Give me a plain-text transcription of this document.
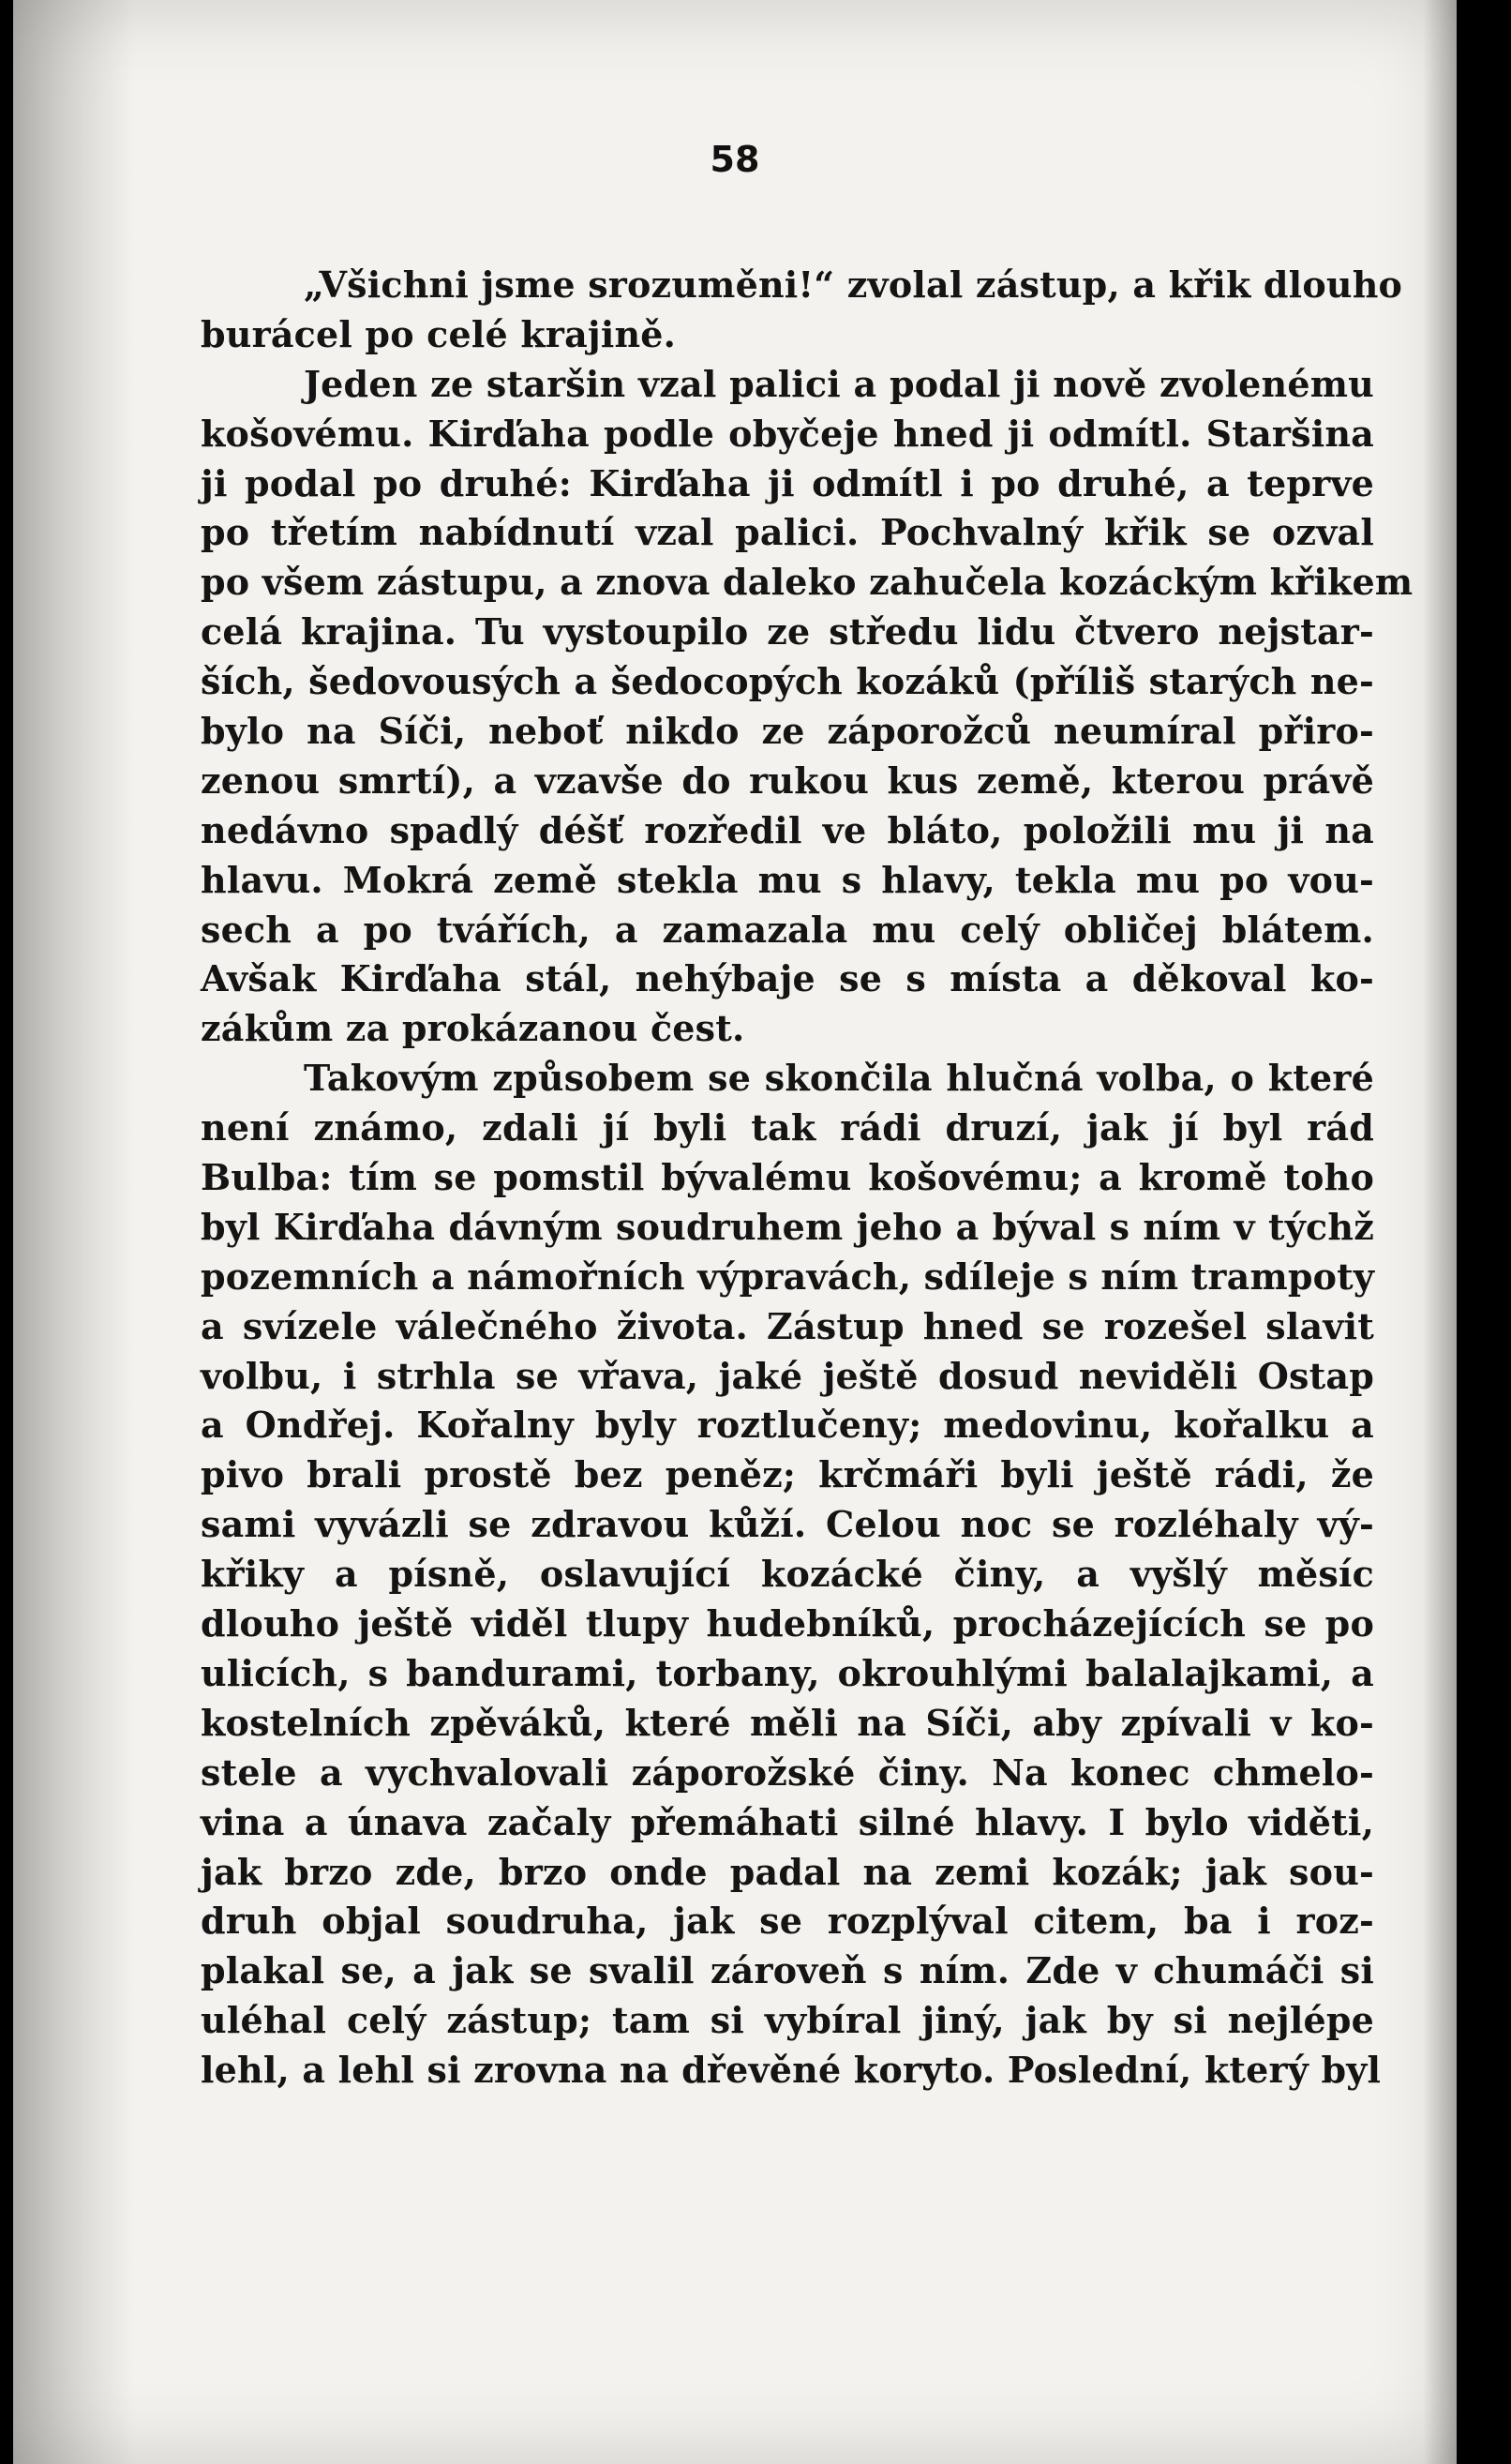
58
„Všichni jsme srozuměni!“ zvolal zástup, a křik dlouho
burácel po celé krajině.
Jeden ze staršin vzal palici a podal ji nově zvolenému
košovému. Kirďaha podle obyčeje hned ji odmítl. Staršina
ji podal po druhé: Kirďaha ji odmítl i po druhé, a teprve
po třetím nabídnutí vzal palici. Pochvalný křik se ozval
po všem zástupu, a znova daleko zahučela kozáckým křikem
celá krajina. Tu vystoupilo ze středu lidu čtvero nejstar-
ších, šedovousých a šedocopých kozáků (příliš starých ne-
bylo na Síči, neboť nikdo ze záporožců neumíral přiro-
zenou smrtí), a vzavše do rukou kus země, kterou právě
nedávno spadlý déšť rozředil ve bláto, položili mu ji na
hlavu. Mokrá země stekla mu s hlavy, tekla mu po vou-
sech a po tvářích, a zamazala mu celý obličej blátem.
Avšak Kirďaha stál, nehýbaje se s místa a děkoval ko-
zákům za prokázanou čest.
Takovým způsobem se skončila hlučná volba, o které
není známo, zdali jí byli tak rádi druzí, jak jí byl rád
Bulba: tím se pomstil bývalému košovému; a kromě toho
byl Kirďaha dávným soudruhem jeho a býval s ním v týchž
pozemních a námořních výpravách, sdíleje s ním trampoty
a svízele válečného života. Zástup hned se rozešel slavit
volbu, i strhla se vřava, jaké ještě dosud neviděli Ostap
a Ondřej. Kořalny byly roztlučeny; medovinu, kořalku a
pivo brali prostě bez peněz; krčmáři byli ještě rádi, že
sami vyvázli se zdravou kůží. Celou noc se rozléhaly vý-
křiky a písně, oslavující kozácké činy, a vyšlý měsíc
dlouho ještě viděl tlupy hudebníků, procházejících se po
ulicích, s bandurami, torbany, okrouhlými balalajkami, a
kostelních zpěváků, které měli na Síči, aby zpívali v ko-
stele a vychvalovali záporožské činy. Na konec chmelo-
vina a únava začaly přemáhati silné hlavy. I bylo viděti,
jak brzo zde, brzo onde padal na zemi kozák; jak sou-
druh objal soudruha, jak se rozplýval citem, ba i roz-
plakal se, a jak se svalil zároveň s ním. Zde v chumáči si
uléhal celý zástup; tam si vybíral jiný, jak by si nejlépe
lehl, a lehl si zrovna na dřevěné koryto. Poslední, který byl
